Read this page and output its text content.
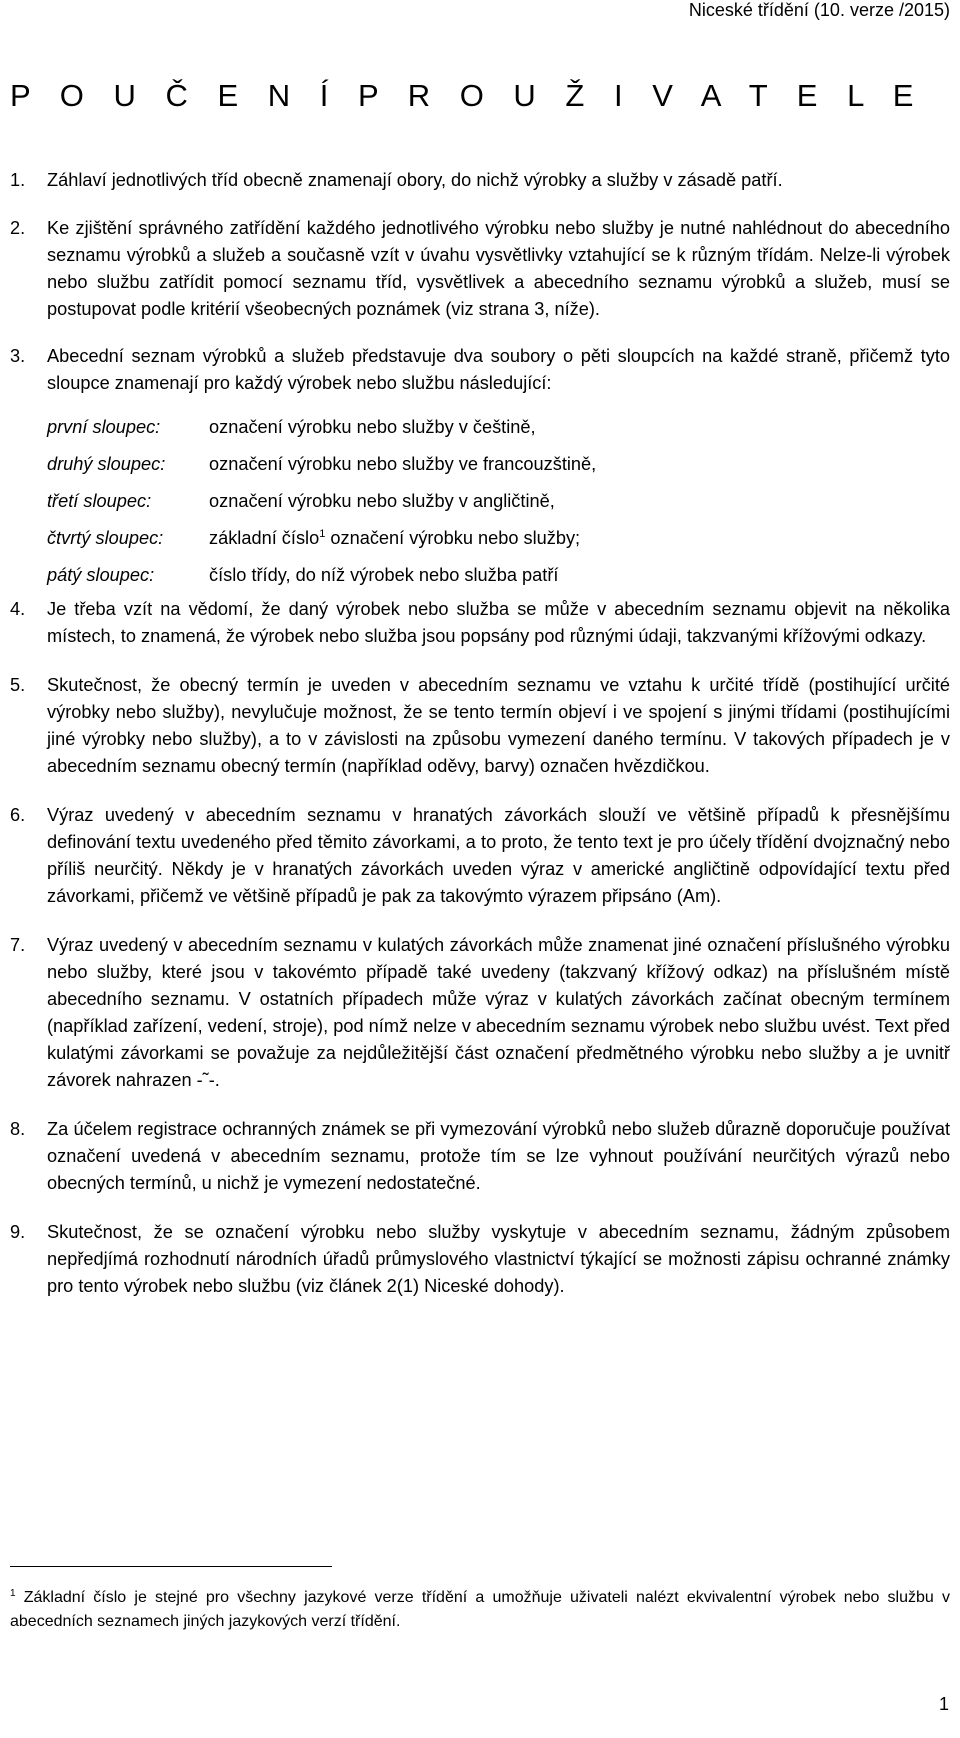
Niceské třídění (10. verze /2015)
P O U Č E N Í P R O U Ž I V A T E L E
1.	Záhlaví jednotlivých tříd obecně znamenají obory, do nichž výrobky a služby v zásadě patří.
2.	Ke zjištění správného zatřídění každého jednotlivého výrobku nebo služby je nutné nahlédnout do abecedního seznamu výrobků a služeb a současně vzít v úvahu vysvětlivky vztahující se k různým třídám. Nelze-li výrobek nebo službu zatřídit pomocí seznamu tříd, vysvětlivek a abecedního seznamu výrobků a služeb, musí se postupovat podle kritérií všeobecných poznámek (viz strana 3, níže).
3.	Abecední seznam výrobků a služeb představuje dva soubory o pěti sloupcích na každé straně, přičemž tyto sloupce znamenají pro každý výrobek nebo službu následující:
první sloupec:	označení výrobku nebo služby v češtině,
druhý sloupec:	označení výrobku nebo služby ve francouzštině,
třetí sloupec:	označení výrobku nebo služby v angličtině,
čtvrtý sloupec:	základní číslo$^1$ označení výrobku nebo služby;
pátý sloupec:	číslo třídy, do níž výrobek nebo služba patří
4.	Je třeba vzít na vědomí, že daný výrobek nebo služba se může v abecedním seznamu objevit na několika místech, to znamená, že výrobek nebo služba jsou popsány pod různými údaji, takzvanými křížovými odkazy.
5.	Skutečnost, že obecný termín je uveden v abecedním seznamu ve vztahu k určité třídě (postihující určité výrobky nebo služby), nevylučuje možnost, že se tento termín objeví i ve spojení s jinými třídami (postihujícími jiné výrobky nebo služby), a to v závislosti na způsobu vymezení daného termínu. V takových případech je v abecedním seznamu obecný termín (například oděvy, barvy) označen hvězdičkou.
6.	Výraz uvedený v abecedním seznamu v hranatých závorkách slouží ve většině případů k přesnějšímu definování textu uvedeného před těmito závorkami, a to proto, že tento text je pro účely třídění dvojznačný nebo příliš neurčitý. Někdy je v hranatých závorkách uveden výraz v americké angličtině odpovídající textu před závorkami, přičemž ve většině případů je pak za takovýmto výrazem připsáno (Am).
7.	Výraz uvedený v abecedním seznamu v kulatých závorkách může znamenat jiné označení příslušného výrobku nebo služby, které jsou v takovémto případě také uvedeny (takzvaný křížový odkaz) na příslušném místě abecedního seznamu. V ostatních případech může výraz v kulatých závorkách začínat obecným termínem (například zařízení, vedení, stroje), pod nímž nelze v abecedním seznamu výrobek nebo službu uvést. Text před kulatými závorkami se považuje za nejdůležitější část označení předmětného výrobku nebo služby a je uvnitř závorek nahrazen -˜-.
8.	Za účelem registrace ochranných známek se při vymezování výrobků nebo služeb důrazně doporučuje používat označení uvedená v abecedním seznamu, protože tím se lze vyhnout používání neurčitých výrazů nebo obecných termínů, u nichž je vymezení nedostatečné.
9.	Skutečnost, že se označení výrobku nebo služby vyskytuje v abecedním seznamu, žádným způsobem nepředjímá rozhodnutí národních úřadů průmyslového vlastnictví týkající se možnosti zápisu ochranné známky pro tento výrobek nebo službu (viz článek 2(1) Niceské dohody).
$^1$ Základní číslo je stejné pro všechny jazykové verze třídění a umožňuje uživateli nalézt ekvivalentní výrobek nebo službu v abecedních seznamech jiných jazykových verzí třídění.
1
